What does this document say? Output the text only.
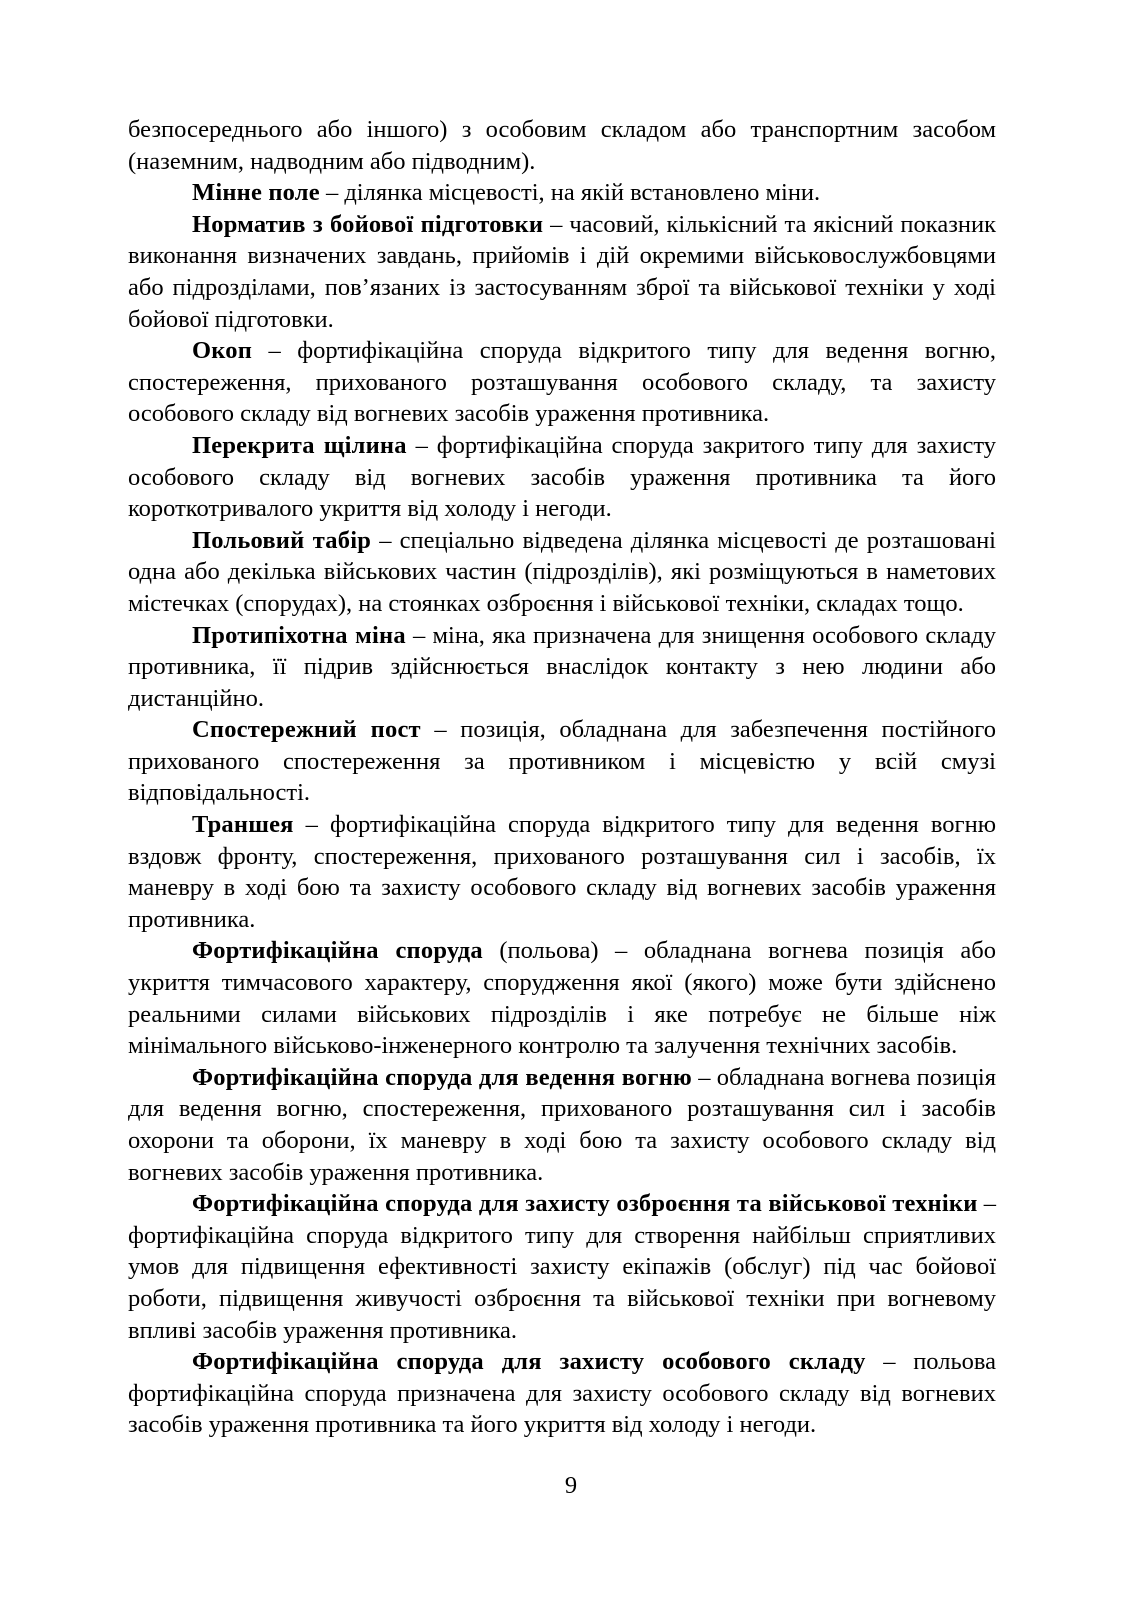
безпосереднього або іншого) з особовим складом або транспортним засобом (наземним, надводним або підводним).

Мінне поле – ділянка місцевості, на якій встановлено міни.

Норматив з бойової підготовки – часовий, кількісний та якісний показник виконання визначених завдань, прийомів і дій окремими військовослужбовцями або підрозділами, пов’язаних із застосуванням зброї та військової техніки у ході бойової підготовки.

Окоп – фортифікаційна споруда відкритого типу для ведення вогню, спостереження, прихованого розташування особового складу, та захисту особового складу від вогневих засобів ураження противника.

Перекрита щілина – фортифікаційна споруда закритого типу для захисту особового складу від вогневих засобів ураження противника та його короткотривалого укриття від холоду і негоди.

Польовий табір – спеціально відведена ділянка місцевості де розташовані одна або декілька військових частин (підрозділів), які розміщуються в наметових містечках (спорудах), на стоянках озброєння і військової техніки, складах тощо.

Протипіхотна міна – міна, яка призначена для знищення особового складу противника, її підрив здійснюється внаслідок контакту з нею людини або дистанційно.

Спостережний пост – позиція, обладнана для забезпечення постійного прихованого спостереження за противником і місцевістю у всій смузі відповідальності.

Траншея – фортифікаційна споруда відкритого типу для ведення вогню вздовж фронту, спостереження, прихованого розташування сил і засобів, їх маневру в ході бою та захисту особового складу від вогневих засобів ураження противника.

Фортифікаційна споруда (польова) – обладнана вогнева позиція або укриття тимчасового характеру, спорудження якої (якого) може бути здійснено реальними силами військових підрозділів і яке потребує не більше ніж мінімального військово-інженерного контролю та залучення технічних засобів.

Фортифікаційна споруда для ведення вогню – обладнана вогнева позиція для ведення вогню, спостереження, прихованого розташування сил і засобів охорони та оборони, їх маневру в ході бою та захисту особового складу від вогневих засобів ураження противника.

Фортифікаційна споруда для захисту озброєння та військової техніки – фортифікаційна споруда відкритого типу для створення найбільш сприятливих умов для підвищення ефективності захисту екіпажів (обслуг) під час бойової роботи, підвищення живучості озброєння та військової техніки при вогневому впливі засобів ураження противника.

Фортифікаційна споруда для захисту особового складу – польова фортифікаційна споруда призначена для захисту особового складу від вогневих засобів ураження противника та його укриття від холоду і негоди.

9
